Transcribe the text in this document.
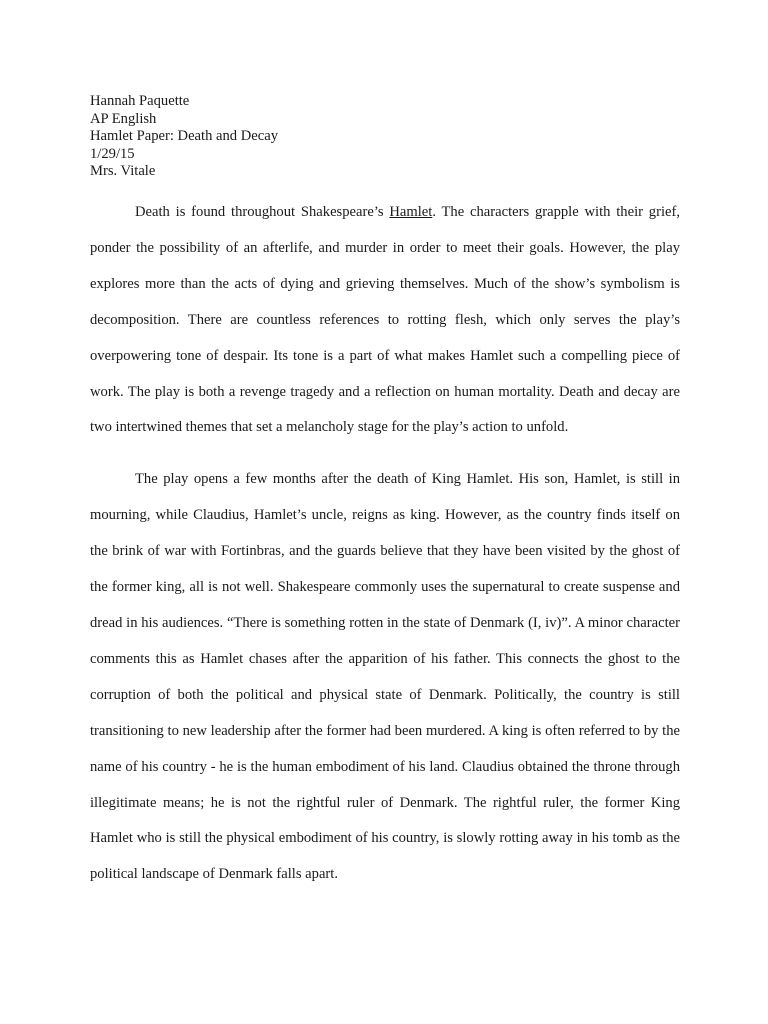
Hannah Paquette
AP English
Hamlet Paper: Death and Decay
1/29/15
Mrs. Vitale

Death is found throughout Shakespeare’s Hamlet. The characters grapple with their grief, ponder the possibility of an afterlife, and murder in order to meet their goals. However, the play explores more than the acts of dying and grieving themselves. Much of the show’s symbolism is decomposition. There are countless references to rotting flesh, which only serves the play’s overpowering tone of despair. Its tone is a part of what makes Hamlet such a compelling piece of work. The play is both a revenge tragedy and a reflection on human mortality. Death and decay are two intertwined themes that set a melancholy stage for the play’s action to unfold.

The play opens a few months after the death of King Hamlet. His son, Hamlet, is still in mourning, while Claudius, Hamlet’s uncle, reigns as king. However, as the country finds itself on the brink of war with Fortinbras, and the guards believe that they have been visited by the ghost of the former king, all is not well. Shakespeare commonly uses the supernatural to create suspense and dread in his audiences. “There is something rotten in the state of Denmark (I, iv)”. A minor character comments this as Hamlet chases after the apparition of his father. This connects the ghost to the corruption of both the political and physical state of Denmark. Politically, the country is still transitioning to new leadership after the former had been murdered. A king is often referred to by the name of his country - he is the human embodiment of his land. Claudius obtained the throne through illegitimate means; he is not the rightful ruler of Denmark. The rightful ruler, the former King Hamlet who is still the physical embodiment of his country, is slowly rotting away in his tomb as the political landscape of Denmark falls apart.
